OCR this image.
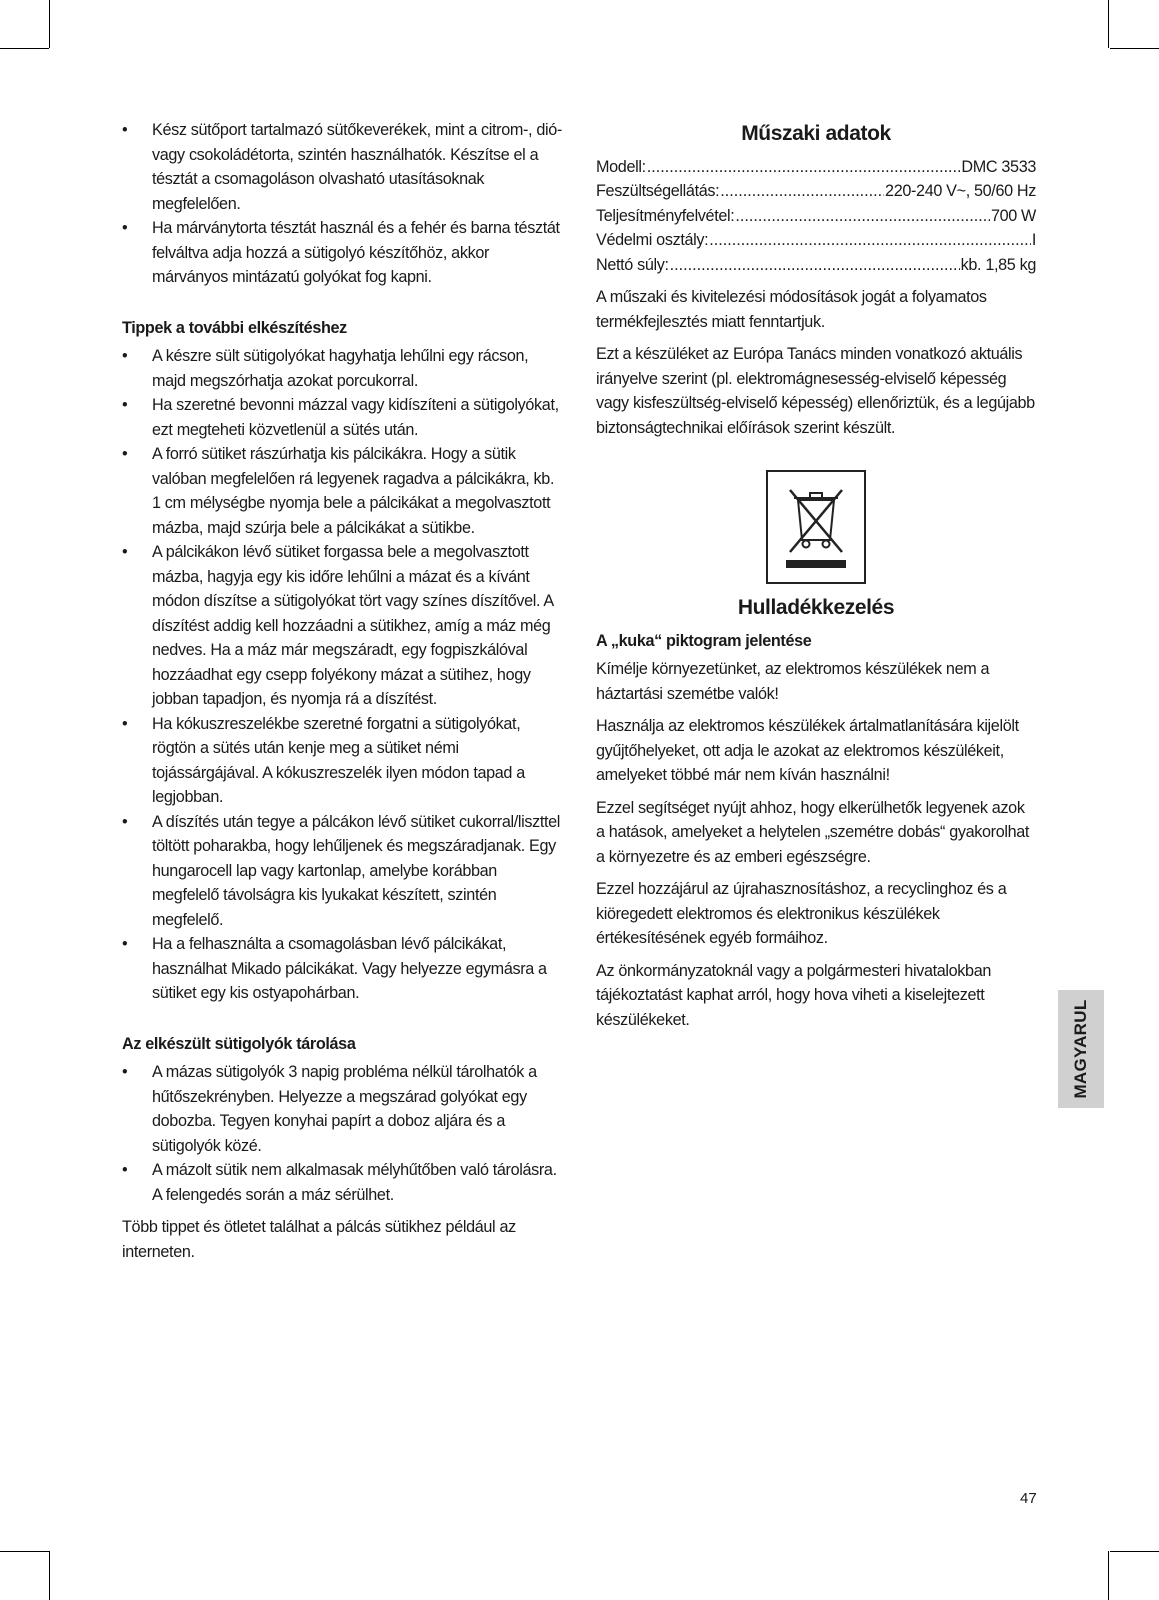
• Kész sütőport tartalmazó sütőkeverékek, mint a citrom-, dió- vagy csokoládétorta, szintén használhatók. Készítse el a tésztát a csomagoláson olvasható utasításoknak megfelelően.
• Ha márványtorta tésztát használ és a fehér és barna tésztát felváltva adja hozzá a sütigolyó készítőhöz, akkor márványos mintázatú golyókat fog kapni.
Tippek a további elkészítéshez
• A készre sült sütigolyókat hagyhatja lehűlni egy rácson, majd megszórhatja azokat porcukorral.
• Ha szeretné bevonni mázzal vagy kidíszíteni a sütigolyókat, ezt megteheti közvetlenül a sütés után.
• A forró sütiket rászúrhatja kis pálcikákra. Hogy a sütik valóban megfelelően rá legyenek ragadva a pálcikákra, kb. 1 cm mélységbe nyomja bele a pálcikákat a megolvasztott mázba, majd szúrja bele a pálcikákat a sütikbe.
• A pálcikákon lévő sütiket forgassa bele a megolvasztott mázba, hagyja egy kis időre lehűlni a mázat és a kívánt módon díszítse a sütigolyókat tört vagy színes díszítővel. A díszítést addig kell hozzáadni a sütikhez, amíg a máz még nedves. Ha a máz már megszáradt, egy fogpiszkálóval hozzáadhat egy csepp folyékony mázat a sütihez, hogy jobban tapadjon, és nyomja rá a díszítést.
• Ha kókuszreszelékbe szeretné forgatni a sütigolyókat, rögtön a sütés után kenje meg a sütiket némi tojássárgájával. A kókuszreszelék ilyen módon tapad a legjobban.
• A díszítés után tegye a pálcákon lévő sütiket cukorral/liszttel töltött poharakba, hogy lehűljenek és megszáradjanak. Egy hungarocell lap vagy kartonlap, amelybe korábban megfelelő távolságra kis lyukakat készített, szintén megfelelő.
• Ha a felhasználta a csomagolásban lévő pálcikákat, használhat Mikado pálcikákat. Vagy helyezze egymásra a sütiket egy kis ostyapohárban.
Az elkészült sütigolyók tárolása
• A mázas sütigolyók 3 napig probléma nélkül tárolhatók a hűtőszekrényben. Helyezze a megszárad golyókat egy dobozba. Tegyen konyhai papírt a doboz aljára és a sütigolyók közé.
• A mázolt sütik nem alkalmasak mélyhűtőben való tárolásra. A felengedés során a máz sérülhet.

Több tippet és ötletet találhat a pálcás sütikhez például az interneten.

Műszaki adatok
Modell: .....	DMC 3533
Feszültségellátás: .....	220-240 V~, 50/60 Hz
Teljesítményfelvétel: .....	700 W
Védelmi osztály: .....	I
Nettó súly: .....	kb. 1,85 kg

A műszaki és kivitelezési módosítások jogát a folyamatos termékfejlesztés miatt fenntartjuk.

Ezt a készüléket az Európa Tanács minden vonatkozó aktuális irányelve szerint (pl. elektromágnesesség-elviselő képesség vagy kisfeszültség-elviselő képesség) ellenőriztük, és a legújabb biztonságtechnikai előírások szerint készült.

Hulladékkezelés
A „kuka“ piktogram jelentése

Kímélje környezetünket, az elektromos készülékek nem a háztartási szemétbe valók!

Használja az elektromos készülékek ártalmatlanítására kijelölt gyűjtőhelyeket, ott adja le azokat az elektromos készülékeit, amelyeket többé már nem kíván használni!

Ezzel segítséget nyújt ahhoz, hogy elkerülhetők legyenek azok a hatások, amelyeket a helytelen „szemétre dobás“ gyakorolhat a környezetre és az emberi egészségre.

Ezzel hozzájárul az újrahasznosításhoz, a recyclinghoz és a kiöregedett elektromos és elektronikus készülékek értékesítésének egyéb formáihoz.

Az önkormányzatoknál vagy a polgármesteri hivatalokban tájékoztatást kaphat arról, hogy hova viheti a kiselejtezett készülékeket.	MAGYARUL
47
